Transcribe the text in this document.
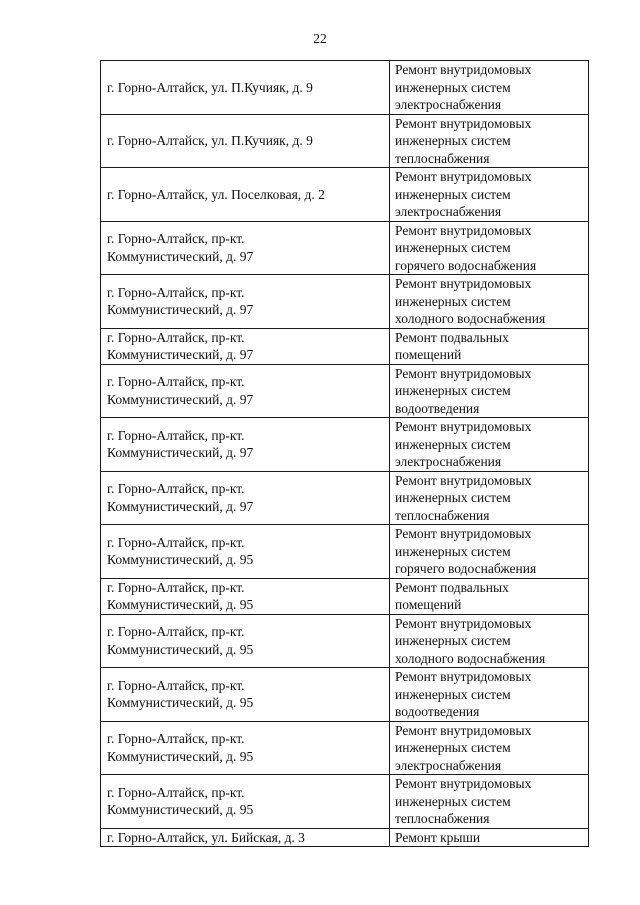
22
г. Горно-Алтайск, ул. П.Кучияк, д. 9	Ремонт внутридомовых
инженерных систем
электроснабжения
г. Горно-Алтайск, ул. П.Кучияк, д. 9	Ремонт внутридомовых
инженерных систем
теплоснабжения
г. Горно-Алтайск, ул. Поселковая, д. 2	Ремонт внутридомовых
инженерных систем
электроснабжения
г. Горно-Алтайск, пр-кт.
Коммунистический, д. 97	Ремонт внутридомовых
инженерных систем
горячего водоснабжения
г. Горно-Алтайск, пр-кт.
Коммунистический, д. 97	Ремонт внутридомовых
инженерных систем
холодного водоснабжения
г. Горно-Алтайск, пр-кт.
Коммунистический, д. 97	Ремонт подвальных
помещений
г. Горно-Алтайск, пр-кт.
Коммунистический, д. 97	Ремонт внутридомовых
инженерных систем
водоотведения
г. Горно-Алтайск, пр-кт.
Коммунистический, д. 97	Ремонт внутридомовых
инженерных систем
электроснабжения
г. Горно-Алтайск, пр-кт.
Коммунистический, д. 97	Ремонт внутридомовых
инженерных систем
теплоснабжения
г. Горно-Алтайск, пр-кт.
Коммунистический, д. 95	Ремонт внутридомовых
инженерных систем
горячего водоснабжения
г. Горно-Алтайск, пр-кт.
Коммунистический, д. 95	Ремонт подвальных
помещений
г. Горно-Алтайск, пр-кт.
Коммунистический, д. 95	Ремонт внутридомовых
инженерных систем
холодного водоснабжения
г. Горно-Алтайск, пр-кт.
Коммунистический, д. 95	Ремонт внутридомовых
инженерных систем
водоотведения
г. Горно-Алтайск, пр-кт.
Коммунистический, д. 95	Ремонт внутридомовых
инженерных систем
электроснабжения
г. Горно-Алтайск, пр-кт.
Коммунистический, д. 95	Ремонт внутридомовых
инженерных систем
теплоснабжения
г. Горно-Алтайск, ул. Бийская, д. 3	Ремонт крыши
